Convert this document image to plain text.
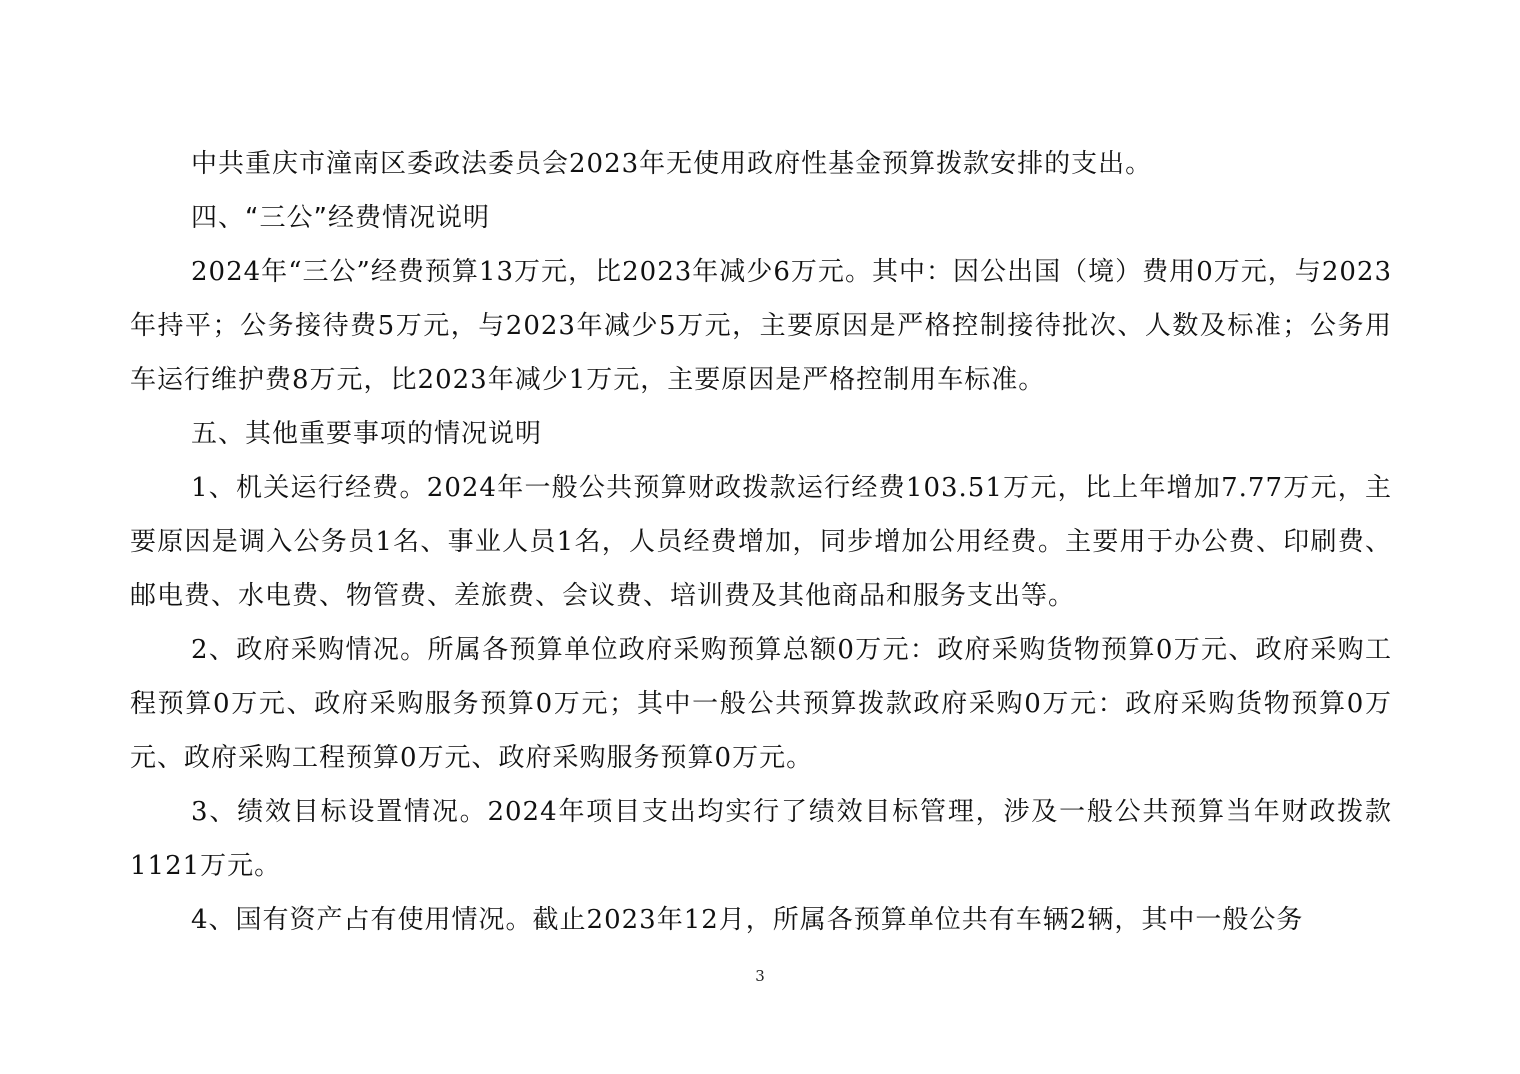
中共重庆市潼南区委政法委员会2023年无使用政府性基金预算拨款安排的支出。

四、“三公”经费情况说明

2024年“三公”经费预算13万元，比2023年减少6万元。其中：因公出国（境）费用0万元，与2023年持平；公务接待费5万元，与2023年减少5万元，主要原因是严格控制接待批次、人数及标准；公务用车运行维护费8万元，比2023年减少1万元，主要原因是严格控制用车标准。

五、其他重要事项的情况说明

1、机关运行经费。2024年一般公共预算财政拨款运行经费103.51万元，比上年增加7.77万元，主要原因是调入公务员1名、事业人员1名，人员经费增加，同步增加公用经费。主要用于办公费、印刷费、邮电费、水电费、物管费、差旅费、会议费、培训费及其他商品和服务支出等。

2、政府采购情况。所属各预算单位政府采购预算总额0万元：政府采购货物预算0万元、政府采购工程预算0万元、政府采购服务预算0万元；其中一般公共预算拨款政府采购0万元：政府采购货物预算0万元、政府采购工程预算0万元、政府采购服务预算0万元。

3、绩效目标设置情况。2024年项目支出均实行了绩效目标管理，涉及一般公共预算当年财政拨款1121万元。

4、国有资产占有使用情况。截止2023年12月，所属各预算单位共有车辆2辆，其中一般公务

3
